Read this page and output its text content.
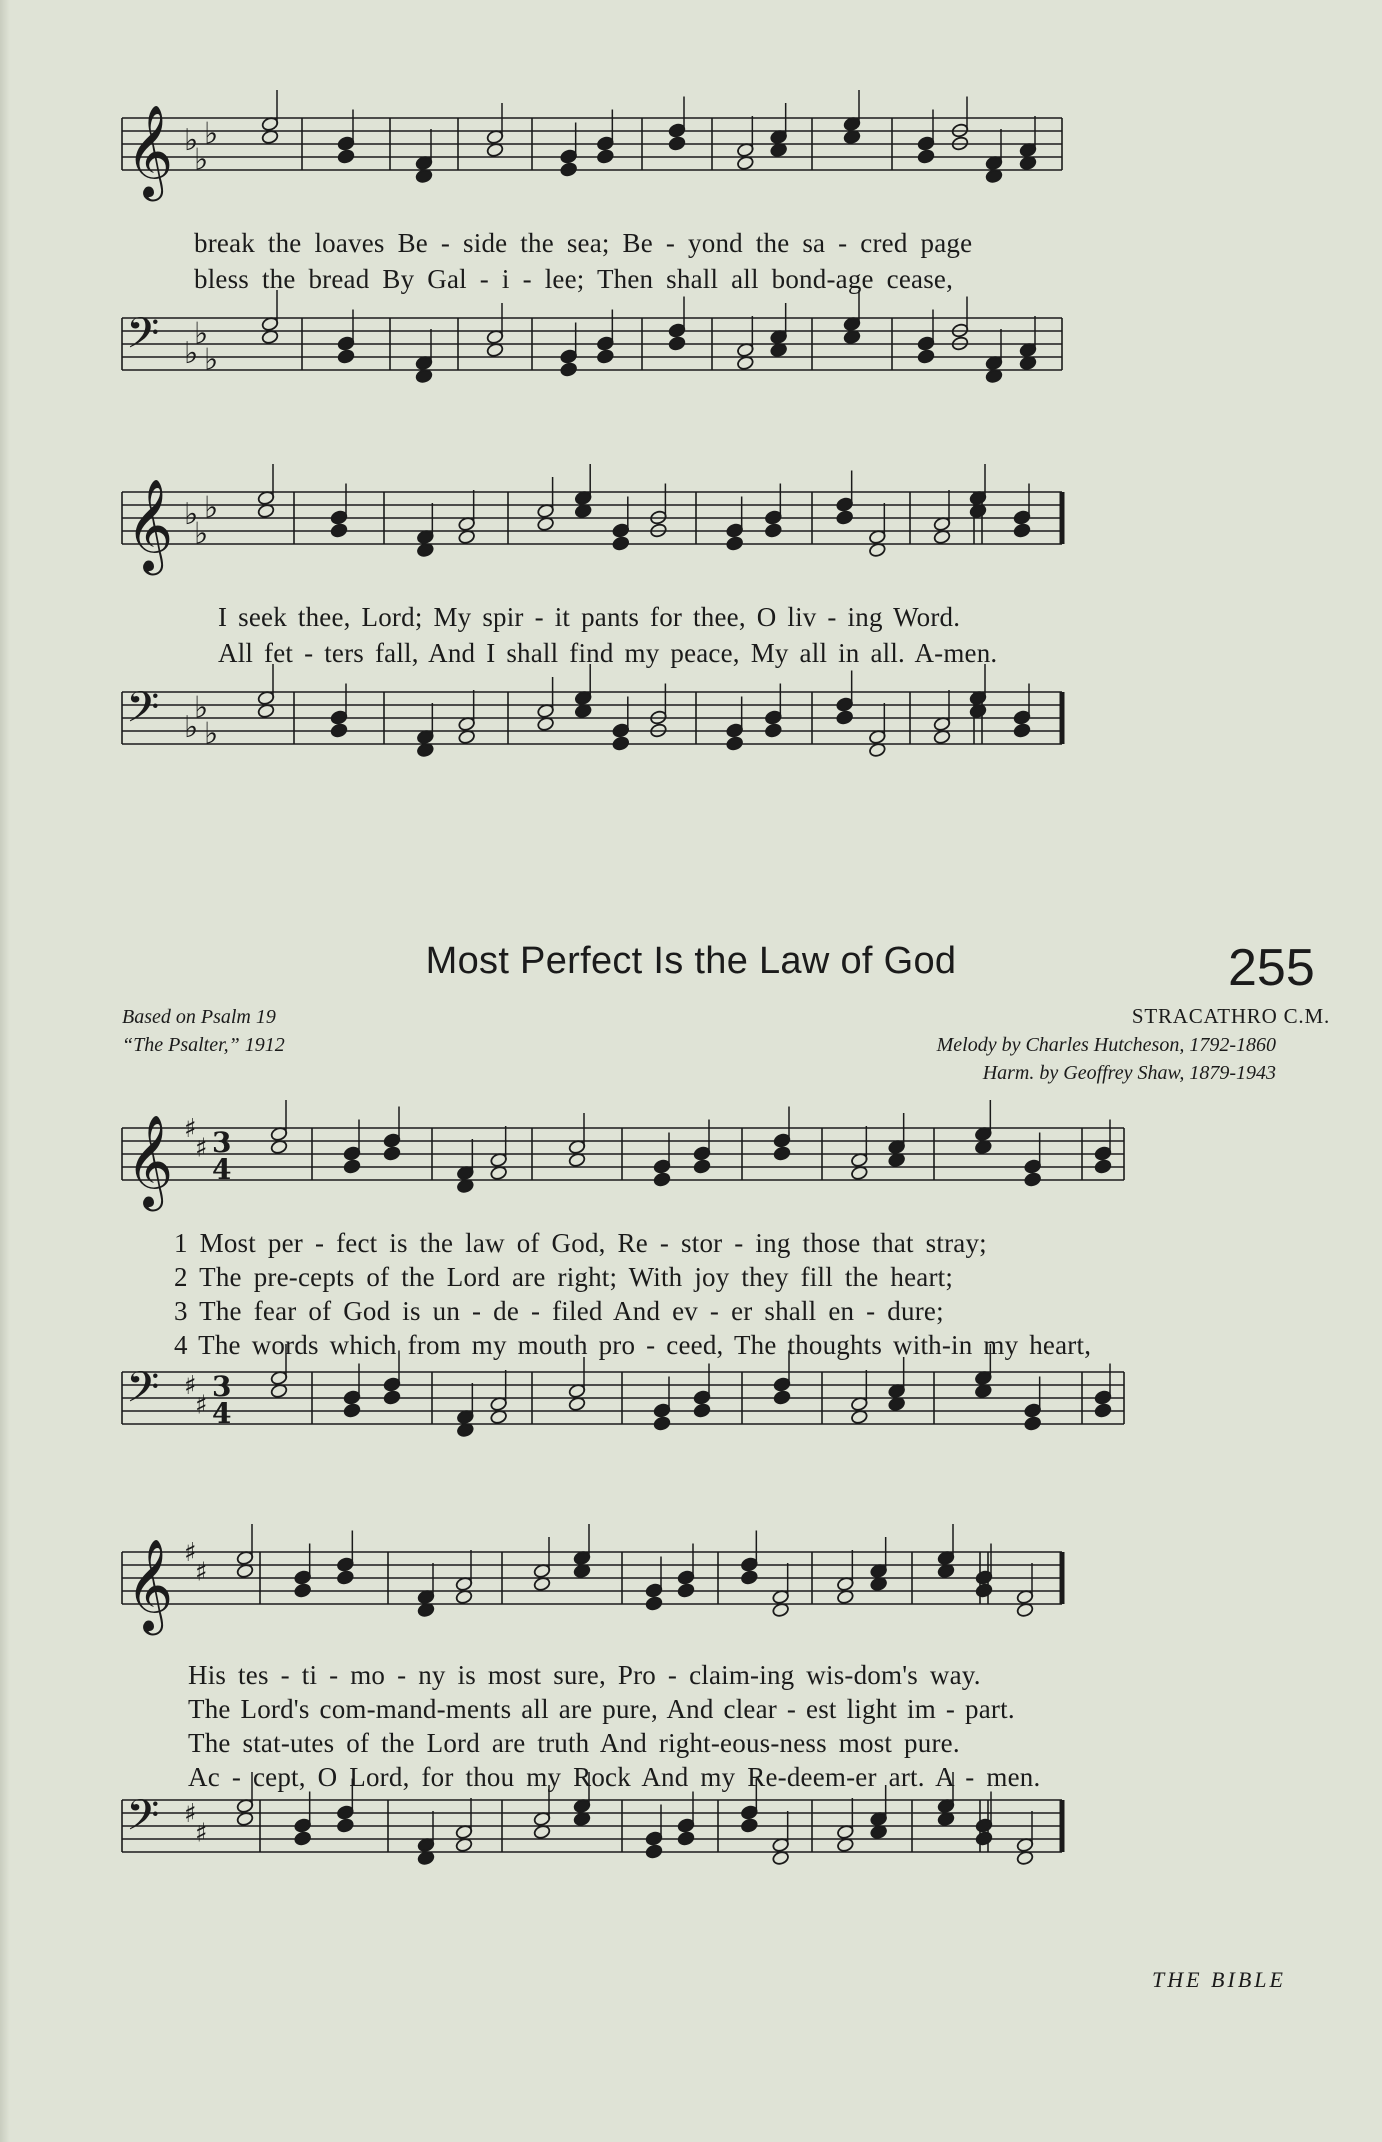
𝄞 ♭
♭
♭
break the loaves Be - side the sea; Be - yond the sa - cred page
bless the bread By Gal - i - lee; Then shall all bond-age cease,
𝄢 ♭
♭
♭
𝄞 ♭
♭
♭
I seek thee, Lord; My spir - it pants for thee, O liv - ing Word.
All fet - ters fall, And I shall find my peace, My all in all. A-men.
𝄢 ♭
♭
♭
Most Perfect Is the Law of God	255
Based on Psalm 19
“The Psalter,” 1912
STRACATHRO C.M.
Melody by Charles Hutcheson, 1792-1860
Harm. by Geoffrey Shaw, 1879-1943
𝄞 ♯
♯ 3
4
1 Most per - fect is the law of God, Re - stor - ing those that stray;
2 The pre-cepts of the Lord are right; With joy they fill the heart;
3 The fear of God is un - de - filed And ev - er shall en - dure;
4 The words which from my mouth pro - ceed, The thoughts with-in my heart,
𝄢 ♯
♯
3
4
𝄞 ♯
♯
His tes - ti - mo - ny is most sure, Pro - claim-ing wis-dom's way.
The Lord's com-mand-ments all are pure, And clear - est light im - part.
The stat-utes of the Lord are truth And right-eous-ness most pure.
Ac - cept, O Lord, for thou my Rock And my Re-deem-er art. A - men.
𝄢 ♯
♯
THE BIBLE
